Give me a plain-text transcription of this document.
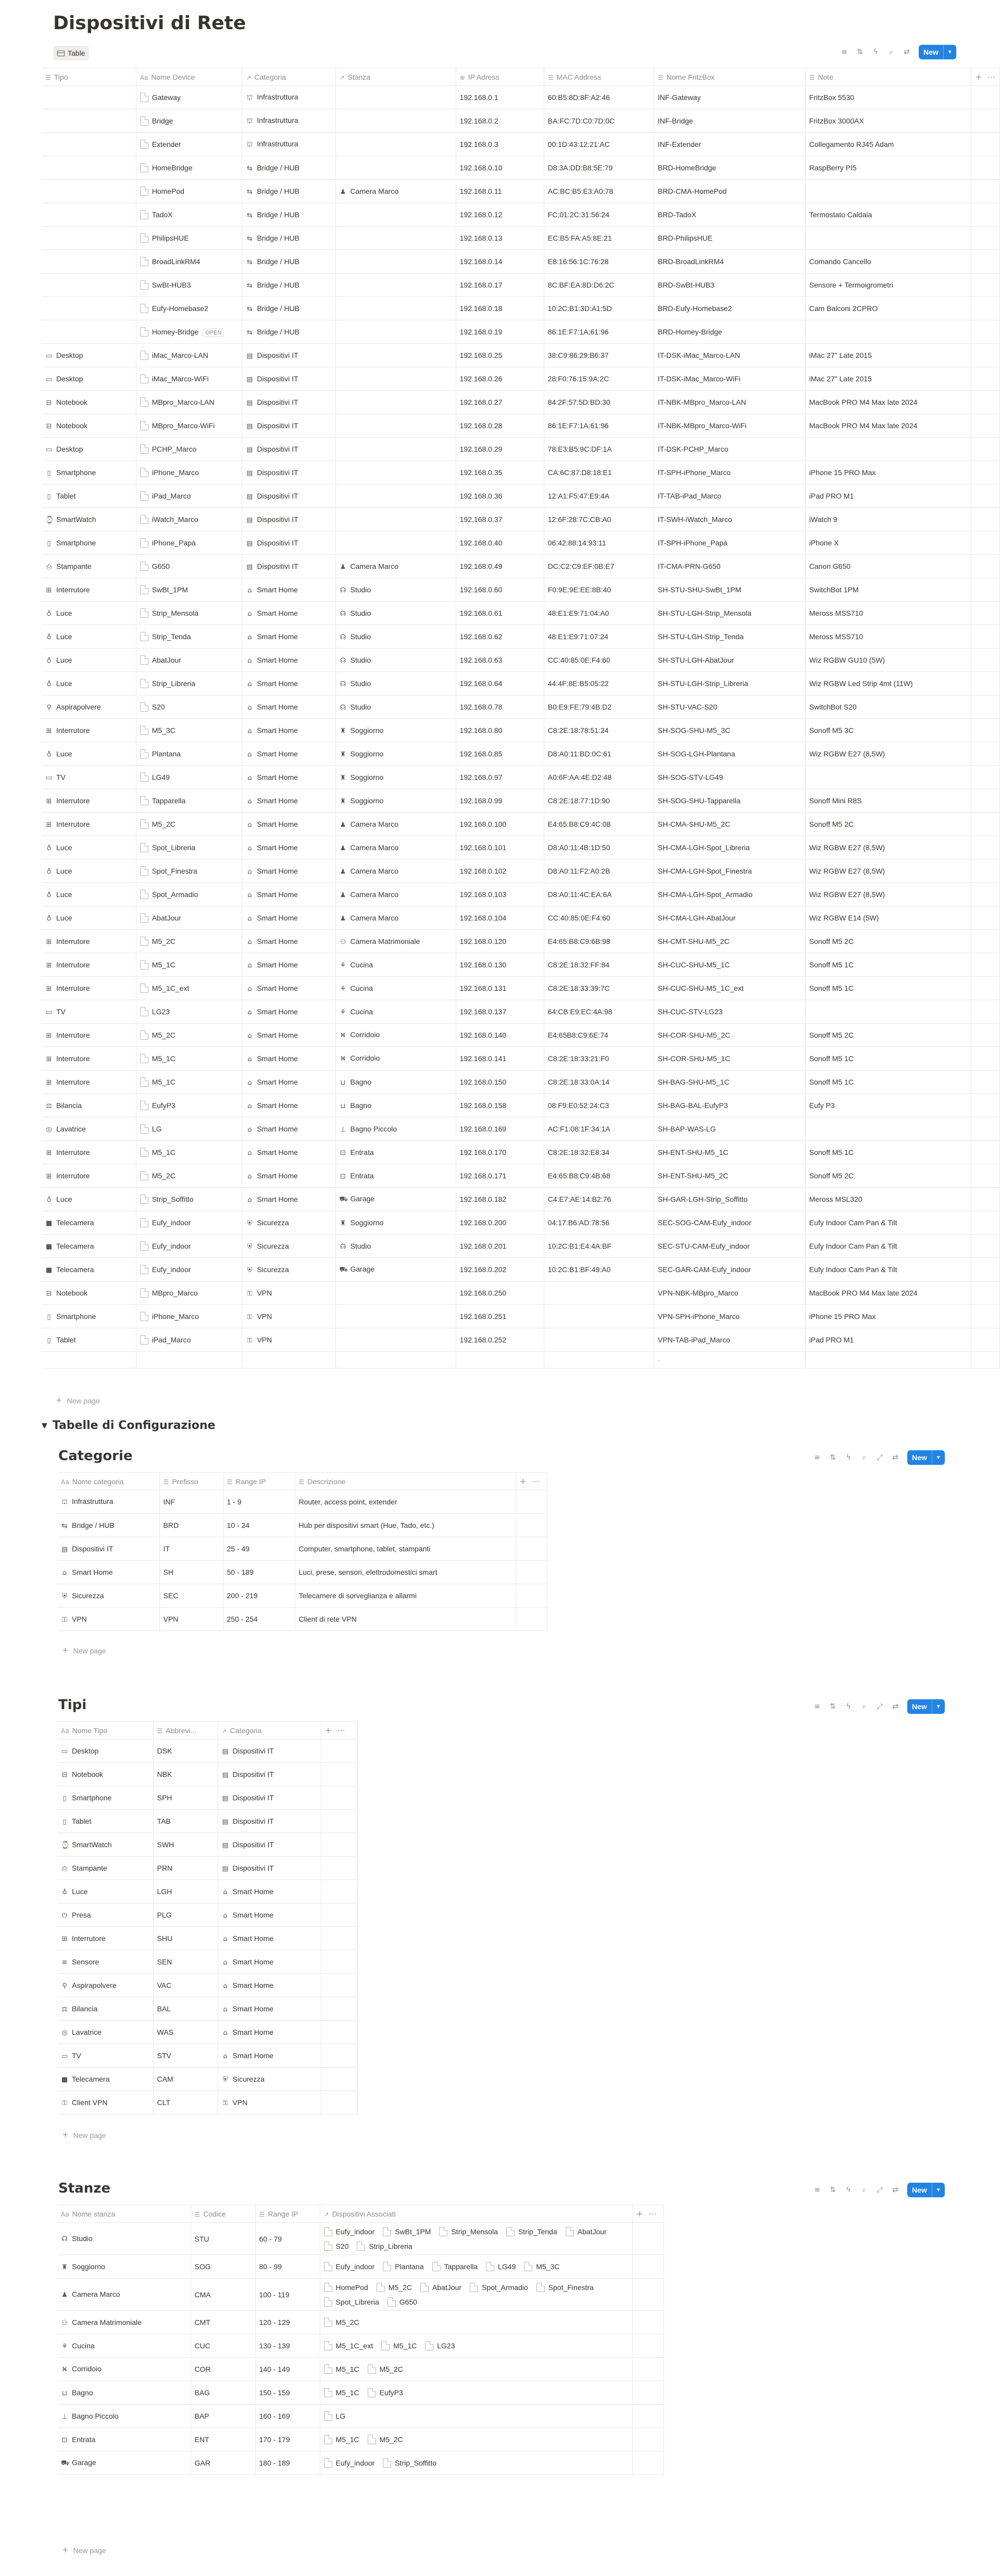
Dispositivi di Rete
Table	≡	⇅	ϟ	⌕	⇄	New	▼
☰ Tipo	Aa Nome Device	↗ Categoria	↗ Stanza	⊕ IP Adress	☰ MAC Address	☰ Nome FritzBox	☰ Note	+  ⋯
	Gateway	⛫ Infrastruttura		192.168.0.1	60:B5:8D:8F:A2:46	INF-Gateway	FritzBox 5530	
	Bridge	⛫ Infrastruttura		192.168.0.2	BA:FC:7D:C0:7D:0C	INF-Bridge	FritzBox 3000AX	
	Extender	⛫ Infrastruttura		192.168.0.3	00:1D:43:12:21:AC	INF-Extender	Collegamento RJ45 Adam	
	HomeBridge	⇆ Bridge / HUB		192.168.0.10	D8:3A:DD:B8:5E:79	BRD-HomeBridge	RaspBerry PI5	
	HomePod	⇆ Bridge / HUB	♟ Camera Marco	192.168.0.11	AC:BC:B5:E3:A0:78	BRD-CMA-HomePod		
	TadoX	⇆ Bridge / HUB		192.168.0.12	FC:01:2C:31:56:24	BRD-TadoX	Termostato Caldaia	
	PhilipsHUE	⇆ Bridge / HUB		192.168.0.13	EC:B5:FA:A5:8E:21	BRD-PhilipsHUE		
	BroadLinkRM4	⇆ Bridge / HUB		192.168.0.14	E8:16:56:1C:76:28	BRD-BroadLinkRM4	Comando Cancello	
	SwBt-HUB3	⇆ Bridge / HUB		192.168.0.17	8C:BF:EA:8D:D6:2C	BRD-SwBt-HUB3	Sensore + Termoigrometri	
	Eufy-Homebase2	⇆ Bridge / HUB		192.168.0.18	10:2C:B1:3D:A1:5D	BRD-Eufy-Homebase2	Cam Balconi 2CPRO	
	Homey-Bridge OPEN	⇆ Bridge / HUB		192.168.0.19	86:1E:F7:1A:61:96	BRD-Homey-Bridge		
▭ Desktop	iMac_Marco-LAN	▤ Dispositivi IT		192.168.0.25	38:C9:86:29:B6:37	IT-DSK-iMac_Marco-LAN	iMac 27" Late 2015	
▭ Desktop	iMac_Marco-WiFi	▤ Dispositivi IT		192.168.0.26	28:F0:76:15:9A:2C	IT-DSK-iMac_Marco-WiFi	iMac 27" Late 2015	
⊟ Notebook	MBpro_Marco-LAN	▤ Dispositivi IT		192.168.0.27	84:2F:57:5D:BD:30	IT-NBK-MBpro_Marco-LAN	MacBook PRO M4 Max late 2024	
⊟ Notebook	MBpro_Marco-WiFi	▤ Dispositivi IT		192.168.0.28	86:1E:F7:1A:61:96	IT-NBK-MBpro_Marco-WiFi	MacBook PRO M4 Max late 2024	
▭ Desktop	PCHP_Marco	▤ Dispositivi IT		192.168.0.29	78:E3:B5:9C:DF:1A	IT-DSK-PCHP_Marco		
▯ Smartphone	iPhone_Marco	▤ Dispositivi IT		192.168.0.35	CA:6C:87:D8:18:E1	IT-SPH-iPhone_Marco	iPhone 15 PRO Max	
▯ Tablet	iPad_Marco	▤ Dispositivi IT		192.168.0.36	12:A1:F5:47:E9:4A	IT-TAB-iPad_Marco	iPad PRO M1	
⌚ SmartWatch	iWatch_Marco	▤ Dispositivi IT		192.168.0.37	12:6F:28:7C:CB:A0	IT-SWH-iWatch_Marco	iWatch 9	
▯ Smartphone	iPhone_Papà	▤ Dispositivi IT		192.168.0.40	06:42:88:14:93:11	IT-SPH-iPhone_Papà	iPhone X	
⎙ Stampante	G650	▤ Dispositivi IT	♟ Camera Marco	192.168.0.49	DC:C2:C9:EF:0B:E7	IT-CMA-PRN-G650	Canon G650	
⊞ Interrutore	SwBt_1PM	⌂ Smart Home	☊ Studio	192.168.0.60	F0:9E:9E:EE:8B:40	SH-STU-SHU-SwBt_1PM	SwitchBot 1PM	
♁ Luce	Strip_Mensola	⌂ Smart Home	☊ Studio	192.168.0.61	48:E1:E9:71:04:A0	SH-STU-LGH-Strip_Mensola	Meross MSS710	
♁ Luce	Strip_Tenda	⌂ Smart Home	☊ Studio	192.168.0.62	48:E1:E9:71:07:24	SH-STU-LGH-Strip_Tenda	Meross MSS710	
♁ Luce	AbatJour	⌂ Smart Home	☊ Studio	192.168.0.63	CC:40:85:0E:F4:60	SH-STU-LGH-AbatJour	Wiz RGBW GU10 (5W)	
♁ Luce	Strip_Libreria	⌂ Smart Home	☊ Studio	192.168.0.64	44:4F:8E:B5:05:22	SH-STU-LGH-Strip_Libreria	Wiz RGBW Led Strip 4mt (11W)	
⚲ Aspirapolvere	S20	⌂ Smart Home	☊ Studio	192.168.0.78	B0:E9:FE:79:4B:D2	SH-STU-VAC-S20	SwitchBot S20	
⊞ Interrutore	M5_3C	⌂ Smart Home	♜ Soggiorno	192.168.0.80	C8:2E:18:78:51:24	SH-SOG-SHU-M5_3C	Sonoff M5 3C	
♁ Luce	Plantana	⌂ Smart Home	♜ Soggiorno	192.168.0.85	D8:A0:11:BD:0C:61	SH-SOG-LGH-Plantana	Wiz RGBW E27 (8,5W)	
▭ TV	LG49	⌂ Smart Home	♜ Soggiorno	192.168.0.97	A0:6F:AA:4E:D2:48	SH-SOG-STV-LG49		
⊞ Interrutore	Tapparella	⌂ Smart Home	♜ Soggiorno	192.168.0.99	C8:2E:18:77:1D:90	SH-SOG-SHU-Tapparella	Sonoff Mini R8S	
⊞ Interrutore	M5_2C	⌂ Smart Home	♟ Camera Marco	192.168.0.100	E4:65:B8:C9:4C:08	SH-CMA-SHU-M5_2C	Sonoff M5 2C	
♁ Luce	Spot_Libreria	⌂ Smart Home	♟ Camera Marco	192.168.0.101	D8:A0:11:4B:1D:50	SH-CMA-LGH-Spot_Libreria	Wiz RGBW E27 (8,5W)	
♁ Luce	Spot_Finestra	⌂ Smart Home	♟ Camera Marco	192.168.0.102	D8:A0:11:F2:A0:2B	SH-CMA-LGH-Spot_Finestra	Wiz RGBW E27 (8,5W)	
♁ Luce	Spot_Armadio	⌂ Smart Home	♟ Camera Marco	192.168.0.103	D8:A0:11:4C:EA:6A	SH-CMA-LGH-Spot_Armadio	Wiz RGBW E27 (8,5W)	
♁ Luce	AbatJour	⌂ Smart Home	♟ Camera Marco	192.168.0.104	CC:40:85:0E:F4:60	SH-CMA-LGH-AbatJour	Wiz RGBW E14 (5W)	
⊞ Interrutore	M5_2C	⌂ Smart Home	⚇ Camera Matrimoniale	192.168.0.120	E4:65:B8:C9:6B:98	SH-CMT-SHU-M5_2C	Sonoff M5 2C	
⊞ Interrutore	M5_1C	⌂ Smart Home	⚘ Cucina	192.168.0.130	C8:2E:18:32:FF:84	SH-CUC-SHU-M5_1C	Sonoff M5 1C	
⊞ Interrutore	M5_1C_ext	⌂ Smart Home	⚘ Cucina	192.168.0.131	C8:2E:18:33:39:7C	SH-CUC-SHU-M5_1C_ext	Sonoff M5 1C	
▭ TV	LG23	⌂ Smart Home	⚘ Cucina	192.168.0.137	64:CB:E9:EC:4A:98	SH-CUC-STV-LG23		
⊞ Interrutore	M5_2C	⌂ Smart Home	⛕ Corridoio	192.168.0.140	E4:65B8:C9:6E:74	SH-COR-SHU-M5_2C	Sonoff M5 2C	
⊞ Interrutore	M5_1C	⌂ Smart Home	⛕ Corridoio	192.168.0.141	C8:2E:18:33:21:F0	SH-COR-SHU-M5_1C	Sonoff M5 1C	
⊞ Interrutore	M5_1C	⌂ Smart Home	⊔ Bagno	192.168.0.150	C8:2E:18:33:0A:14	SH-BAG-SHU-M5_1C	Sonoff M5 1C	
⚖ Bilancia	EufyP3	⌂ Smart Home	⊔ Bagno	192.168.0.158	08:F9:E0:52:24:C3	SH-BAG-BAL-EufyP3	Eufy P3	
◎ Lavatrice	LG	⌂ Smart Home	⊥ Bagno Piccolo	192.168.0.169	AC:F1:08:1F:34:1A	SH-BAP-WAS-LG		
⊞ Interrutore	M5_1C	⌂ Smart Home	⊡ Entrata	192.168.0.170	C8:2E:18:32:E8:34	SH-ENT-SHU-M5_1C	Sonoff M5 1C	
⊞ Interrutore	M5_2C	⌂ Smart Home	⊡ Entrata	192.168.0.171	E4:65:B8:C9:4B:68	SH-ENT-SHU-M5_2C	Sonoff M5 2C	
♁ Luce	Strip_Soffitto	⌂ Smart Home	⛟ Garage	192.168.0.182	C4:E7:AE:14:B2:76	SH-GAR-LGH-Strip_Soffitto	Meross MSL320	
■ Telecamera	Eufy_indoor	⛨ Sicurezza	♜ Soggiorno	192.168.0.200	04:17:B6:AD:78:56	SEC-SOG-CAM-Eufy_indoor	Eufy Indoor Cam Pan & Tilt	
■ Telecamera	Eufy_indoor	⛨ Sicurezza	☊ Studio	192.168.0.201	10:2C:B1:E4:4A:BF	SEC-STU-CAM-Eufy_indoor	Eufy Indoor Cam Pan & Tilt	
■ Telecamera	Eufy_indoor	⛨ Sicurezza	⛟ Garage	192.168.0.202	10:2C:B1:BF:49:A0	SEC-GAR-CAM-Eufy_indoor	Eufy Indoor Cam Pan & Tilt	
⊟ Notebook	MBpro_Marco	⚿ VPN		192.168.0.250		VPN-NBK-MBpro_Marco	MacBook PRO M4 Max late 2024	
▯ Smartphone	iPhone_Marco	⚿ VPN		192.168.0.251		VPN-SPH-iPhone_Marco	iPhone 15 PRO Max	
▯ Tablet	iPad_Marco	⚿ VPN		192.168.0.252		VPN-TAB-iPad_Marco	iPad PRO M1	
						-		
+ New page
▼ Tabelle di Configurazione
Categorie	≡	⇅	ϟ	⌕	⤢	⇄	New	▼
Aa Nome categoria	☰ Prefisso	☰ Range IP	☰ Descrizione	+  ⋯
⛫ Infrastruttura	INF	1 - 9	Router, access point, extender	
⇆ Bridge / HUB	BRD	10 - 24	Hub per dispositivi smart (Hue, Tado, etc.)	
▤ Dispositivi IT	IT	25 - 49	Computer, smartphone, tablet, stampanti	
⌂ Smart Home	SH	50 - 189	Luci, prese, sensori, elettrodomestici smart	
⛨ Sicurezza	SEC	200 - 219	Telecamere di sorveglianza e allarmi	
⚿ VPN	VPN	250 - 254	Client di rete VPN	
+ New page
Tipi	≡	⇅	ϟ	⌕	⤢	⇄	New	▼
Aa Nome Tipo	☰ Abbrevi...	↗ Categoria	+  ⋯
▭ Desktop	DSK	▤ Dispositivi IT	
⊟ Notebook	NBK	▤ Dispositivi IT	
▯ Smartphone	SPH	▤ Dispositivi IT	
▯ Tablet	TAB	▤ Dispositivi IT	
⌚ SmartWatch	SWH	▤ Dispositivi IT	
⎙ Stampante	PRN	▤ Dispositivi IT	
♁ Luce	LGH	⌂ Smart Home	
⏻ Presa	PLG	⌂ Smart Home	
⊞ Interrutore	SHU	⌂ Smart Home	
≋ Sensore	SEN	⌂ Smart Home	
⚲ Aspirapolvere	VAC	⌂ Smart Home	
⚖ Bilancia	BAL	⌂ Smart Home	
◎ Lavatrice	WAS	⌂ Smart Home	
▭ TV	STV	⌂ Smart Home	
■ Telecamera	CAM	⛨ Sicurezza	
⚿ Client VPN	CLT	⚿ VPN	
+ New page
Stanze	≡	⇅	ϟ	⌕	⤢	⇄	New	▼
Aa Nome stanza	☰ Codice	☰ Range IP	↗ Dispositivi Associati	+  ⋯
☊ Studio	STU	60 - 79	Eufy_indoor SwBt_1PM Strip_Mensola Strip_Tenda AbatJourS20 Strip_Libreria	
♜ Soggiorno	SOG	80 - 99	Eufy_indoor Plantana Tapparella LG49 M5_3C	
♟ Camera Marco	CMA	100 - 119	HomePod M5_2C AbatJour Spot_Armadio Spot_FinestraSpot_Libreria G650	
⚇ Camera Matrimoniale	CMT	120 - 129	M5_2C	
⚘ Cucina	CUC	130 - 139	M5_1C_ext M5_1C LG23	
⛕ Corridoio	COR	140 - 149	M5_1C M5_2C	
⊔ Bagno	BAG	150 - 159	M5_1C EufyP3	
⊥ Bagno Piccolo	BAP	160 - 169	LG	
⊡ Entrata	ENT	170 - 179	M5_1C M5_2C	
⛟ Garage	GAR	180 - 189	Eufy_indoor Strip_Soffitto	
+ New page
